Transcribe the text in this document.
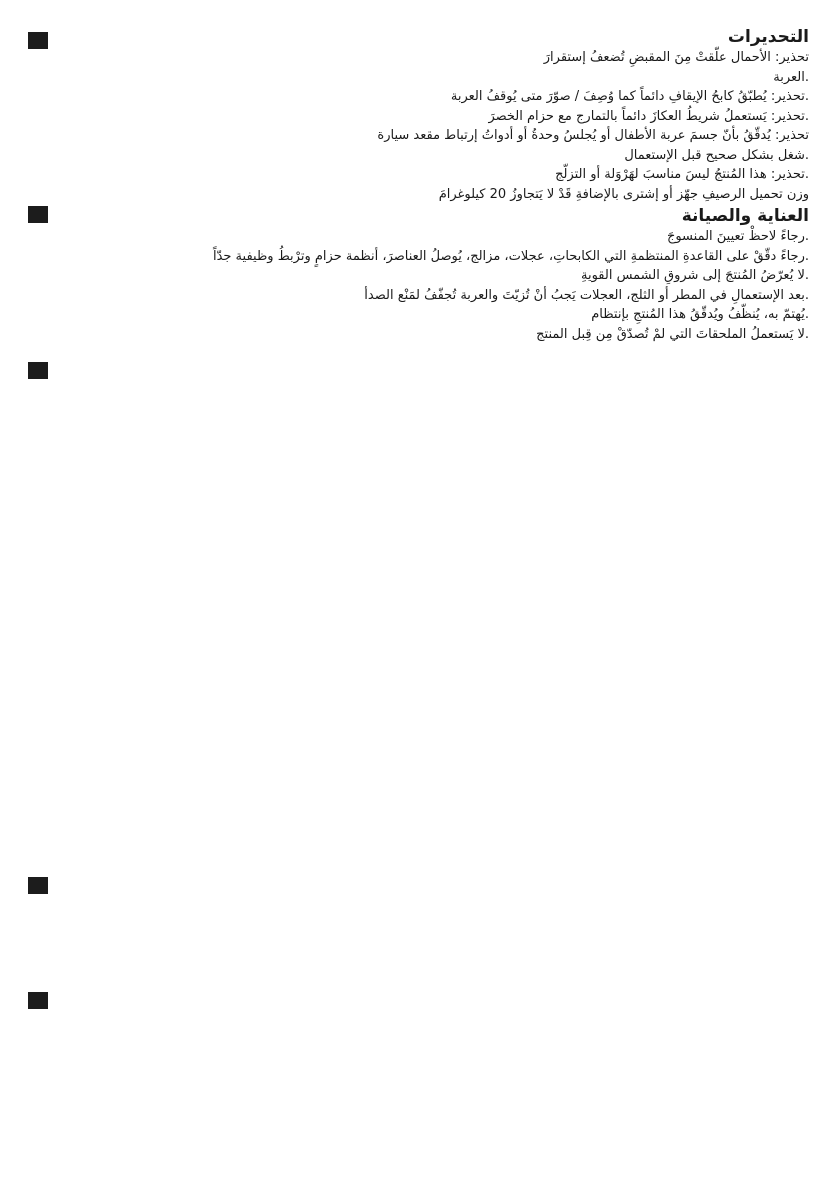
التحديرات

تحذير: الأحمال علّقتْ مِنَ المقبضِ تُضعفُ إستقرارَ

.العربة

.تحذير: يُطبّقُ كابحُ الإيقافِ دائماً كما وُصِفَ / صوّرَ متى يُوقفُ العربة

.تحذير: يَستعملُ شريطُ العكازَ دائماً بالتمارج مع حزام الخصرَ

تحذير: يُدقّقُ بأنّ جسمَ عربة الأطفال أو يُجلسُ وحدةُ أو أدواتُ إرتباط مقعد سيارة

.شغل بشكل صحيح قبل الإستعمال

.تحذير: هذا المُنتجُ ليسَ مناسبَ لهَرْوَلة أو التزلّج

وزن تحميل الرصيفِ جهّز أو إشترى بالإضافةِ قَدْ لا يَتجاوزُ 20 كيلوغرامَ

العناية والصيانة

.رجاءً لاحظْ تعيينَ المنسوجَ

.رجاءً دقّقْ على القاعدةِ المنتظمةِ التي الكابحاتِ، عجلات، مزالج، يُوصلُ العناصرَ، أنظمة حزامٍ وترْبطُ وظيفية جدّاً

.لا يُعرّضُ المُنتجَ إلى شروقِ الشمس القويةِ

.بعد الإستعمالِ في المطر أو الثلج، العجلات يَجبُ أنْ تُزيّتَ والعربة تُجفّفُ لمَنْع الصدأ

.يُهتمّ به، يُنظّفُ ويُدقّقُ هذا المُنتجِ بإنتظام

.لا يَستعملُ الملحقاتَ التي لمْ تُصدّقْ مِن قِبل المنتج
